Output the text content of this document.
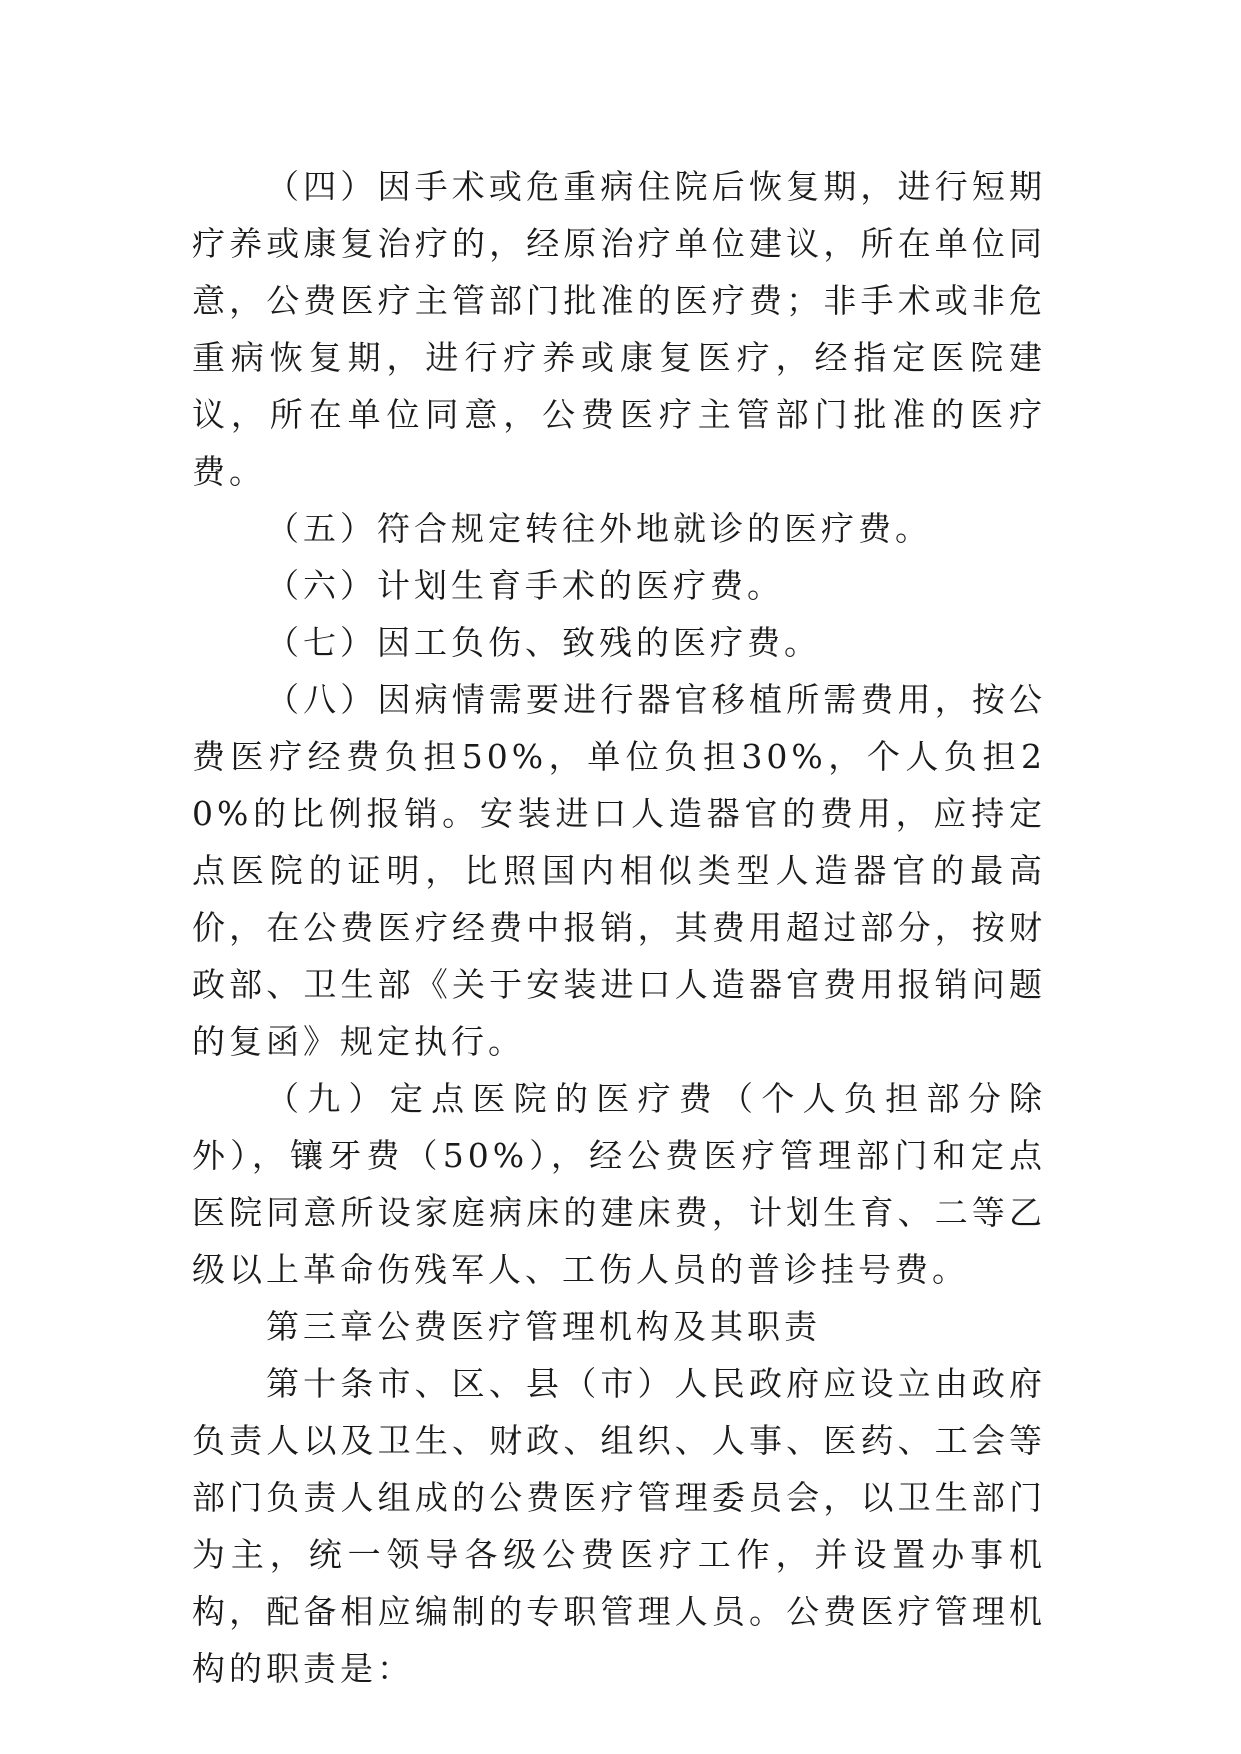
（四）因手术或危重病住院后恢复期，进行短期疗养或康复治疗的，经原治疗单位建议，所在单位同意，公费医疗主管部门批准的医疗费；非手术或非危重病恢复期，进行疗养或康复医疗，经指定医院建议，所在单位同意，公费医疗主管部门批准的医疗费。

（五）符合规定转往外地就诊的医疗费。

（六）计划生育手术的医疗费。

（七）因工负伤、致残的医疗费。

（八）因病情需要进行器官移植所需费用，按公费医疗经费负担50%，单位负担30%，个人负担20%的比例报销。安装进口人造器官的费用，应持定点医院的证明，比照国内相似类型人造器官的最高价，在公费医疗经费中报销，其费用超过部分，按财政部、卫生部《关于安装进口人造器官费用报销问题的复函》规定执行。

（九）定点医院的医疗费（个人负担部分除外），镶牙费（50%），经公费医疗管理部门和定点医院同意所设家庭病床的建床费，计划生育、二等乙级以上革命伤残军人、工伤人员的普诊挂号费。

第三章公费医疗管理机构及其职责

第十条市、区、县（市）人民政府应设立由政府负责人以及卫生、财政、组织、人事、医药、工会等部门负责人组成的公费医疗管理委员会，以卫生部门为主，统一领导各级公费医疗工作，并设置办事机构，配备相应编制的专职管理人员。公费医疗管理机构的职责是：
